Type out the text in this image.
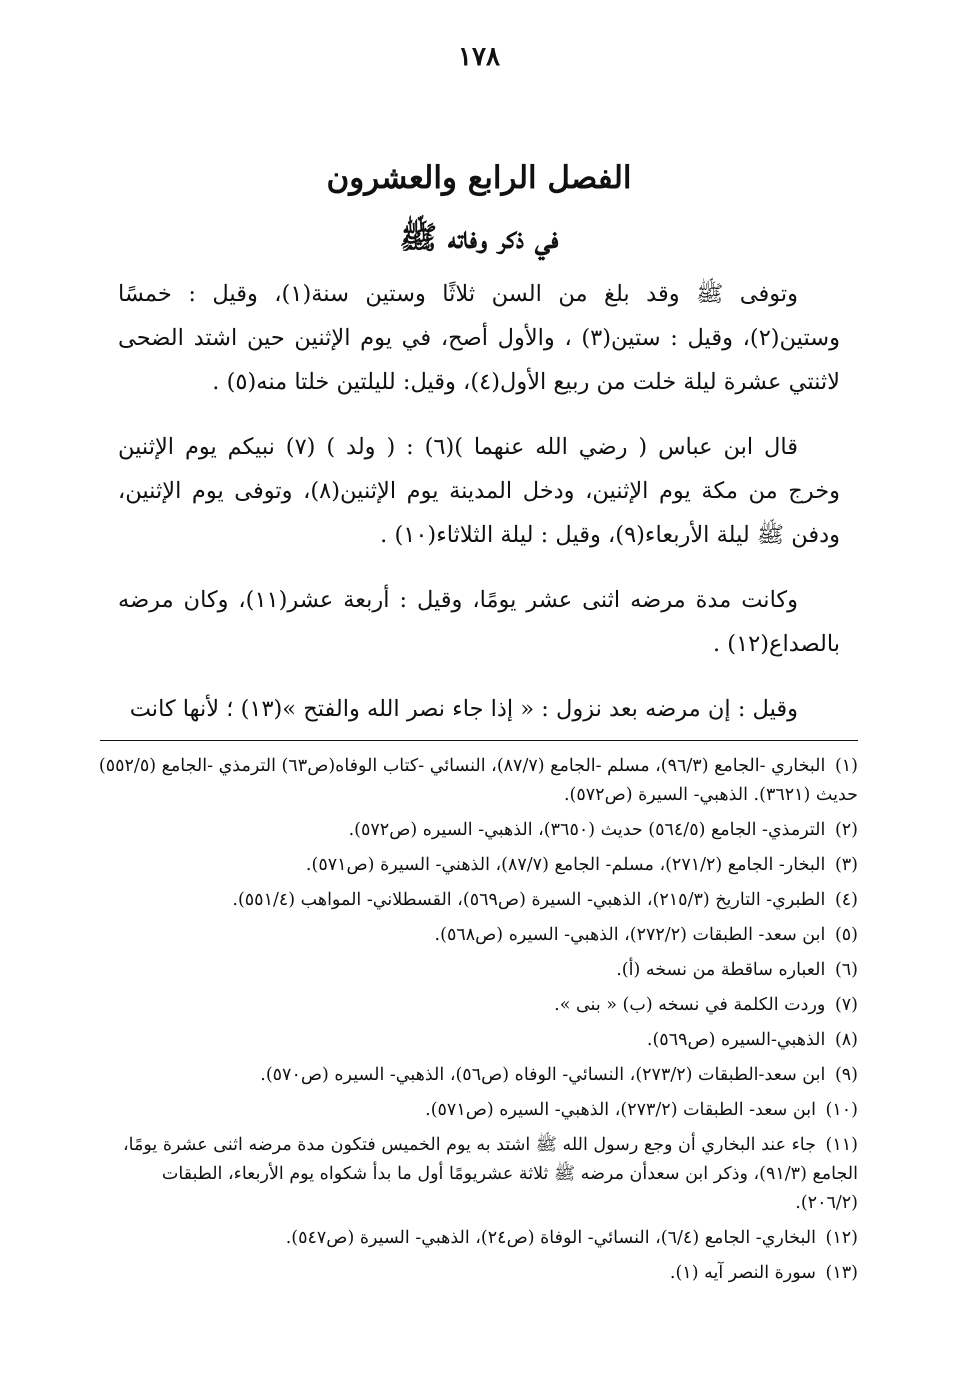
١٧٨
الفصل الرابع والعشرون
في ذكر وفاته ﷺ

وتوفى ﷺ وقد بلغ من السن ثلاثًا وستين سنة(١)، وقيل : خمسًا وستين(٢)، وقيل : ستين(٣) ، والأول أصح، في يوم الإثنين حين اشتد الضحى لاثنتي عشرة ليلة خلت من ربيع الأول(٤)، وقيل: لليلتين خلتا منه(٥) .

قال ابن عباس ( رضي الله عنهما )(٦) : ( ولد ) (٧) نبيكم يوم الإثنين وخرج من مكة يوم الإثنين، ودخل المدينة يوم الإثنين(٨)، وتوفى يوم الإثنين، ودفن ﷺ ليلة الأربعاء(٩)، وقيل : ليلة الثلاثاء(١٠) .

وكانت مدة مرضه اثنى عشر يومًا، وقيل : أربعة عشر(١١)، وكان مرضه بالصداع(١٢) .

وقيل : إن مرضه بعد نزول : « إذا جاء نصر الله والفتح »(١٣) ؛ لأنها كانت

(١) البخاري -الجامع (٩٦/٣)، مسلم -الجامع (٨٧/٧)، النسائي -كتاب الوفاه(ص٦٣) الترمذي -الجامع (٥٥٢/٥) حديث (٣٦٢١). الذهبي- السيرة (ص٥٧٢).

(٢) الترمذي- الجامع (٥٦٤/٥) حديث (٣٦٥٠)، الذهبي- السيره (ص٥٧٢).

(٣) البخار- الجامع (٢٧١/٢)، مسلم- الجامع (٨٧/٧)، الذهني- السيرة (ص٥٧١).

(٤) الطبري- التاريخ (٢١٥/٣)، الذهبي- السيرة (ص٥٦٩)، القسطلاني- المواهب (٥٥١/٤).

(٥) ابن سعد- الطبقات (٢٧٢/٢)، الذهبي- السيره (ص٥٦٨).

(٦) العباره ساقطة من نسخه (أ).

(٧) وردت الكلمة في نسخه (ب) « بنى ».

(٨) الذهبي-السيره (ص٥٦٩).

(٩) ابن سعد-الطبقات (٢٧٣/٢)، النسائي- الوفاه (ص٥٦)، الذهبي- السيره (ص٥٧٠).

(١٠) ابن سعد- الطبقات (٢٧٣/٢)، الذهبي- السيره (ص٥٧١).

(١١) جاء عند البخاري أن وجع رسول الله ﷺ اشتد به يوم الخميس فتكون مدة مرضه اثنى عشرة يومًا، الجامع (٩١/٣)، وذكر ابن سعدأن مرضه ﷺ ثلاثة عشريومًا أول ما بدأ شكواه يوم الأربعاء، الطبقات (٢٠٦/٢).

(١٢) البخاري- الجامع (٦/٤)، النسائي- الوفاة (ص٢٤)، الذهبي- السيرة (ص٥٤٧).

(١٣) سورة النصر آيه (١).
